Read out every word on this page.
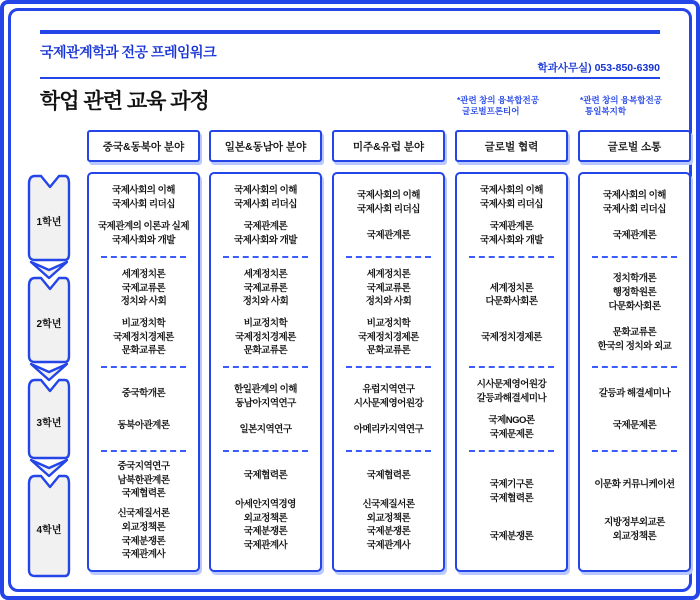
국제관계학과 전공 프레임워크
학과사무실) 053-850-6390
학업 관련 교육 과정	*관련 창의 융복합전공
글로벌프론티어
*관련 창의 융복합전공
통일복지학
1학년
2학년
3학년
4학년
중국&동북아 분야
국제사회의 이해
국제사회 리더십
국제관계의 이론과 실제
국제사회와 개발
세계정치론
국제교류론
정치와 사회
비교정치학
국제정치경제론
문화교류론
중국학개론
동북아관계론
중국지역연구
남북한관계론
국제협력론
신국제질서론
외교정책론
국제분쟁론
국제관계사
일본&동남아 분야
국제사회의 이해
국제사회 리더십
국제관계론
국제사회와 개발
세계정치론
국제교류론
정치와 사회
비교정치학
국제정치경제론
문화교류론
한일관계의 이해
동남아지역연구
일본지역연구
국제협력론
아세안지역경영
외교정책론
국제분쟁론
국제관계사
미주&유럽 분야
국제사회의 이해
국제사회 리더십
국제관계론
세계정치론
국제교류론
정치와 사회
비교정치학
국제정치경제론
문화교류론
유럽지역연구
시사문제영어원강
아메리카지역연구
국제협력론
신국제질서론
외교정책론
국제분쟁론
국제관계사
글로벌 협력
국제사회의 이해
국제사회 리더십
국제관계론
국제사회와 개발
세계정치론
다문화사회론
국제정치경제론
시사문제영어원강
갈등과해결세미나
국제NGO론
국제문제론
국제기구론
국제협력론
국제분쟁론
글로벌 소통
국제사회의 이해
국제사회 리더십
국제관계론
정치학개론
행정학원론
다문화사회론
문화교류론
한국의 정치와 외교
갈등과 해결세미나
국제문제론
이문화 커뮤니케이션
지방정부외교론
외교정책론
